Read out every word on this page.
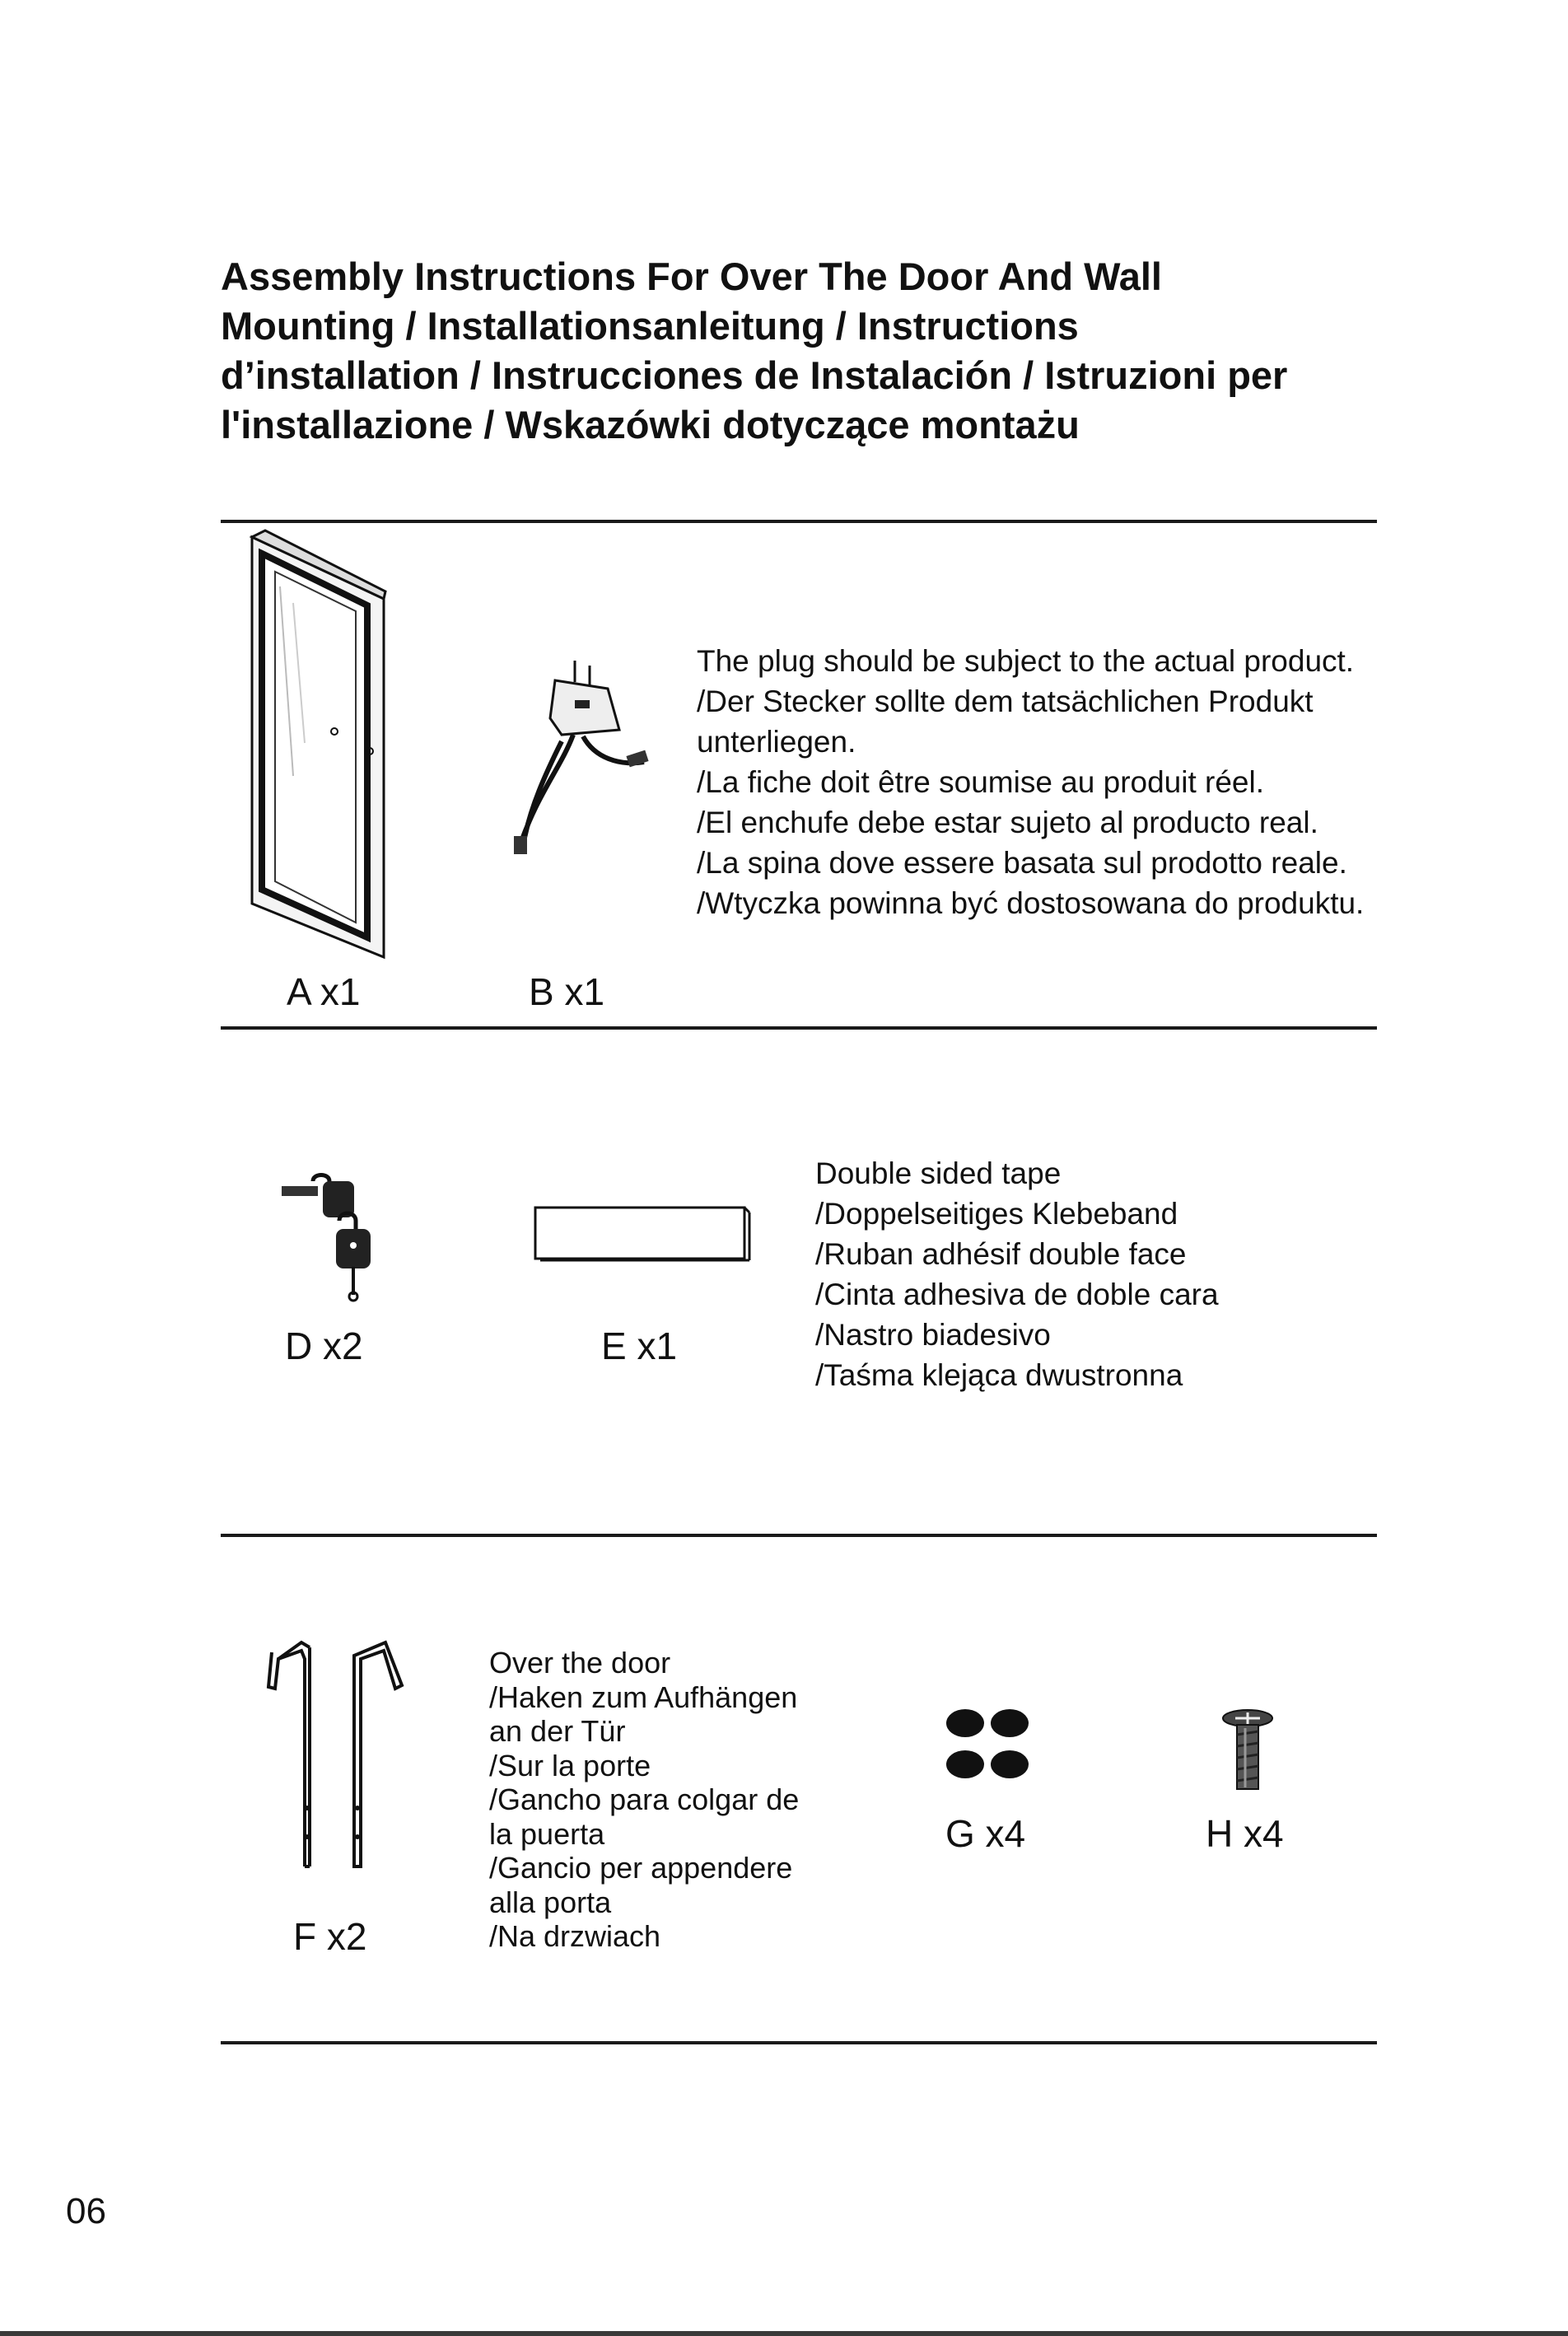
Assembly Instructions For Over The Door And Wall
Mounting / Installationsanleitung / Instructions
d’installation / Instrucciones de Instalación / Istruzioni per
l'installazione / Wskazówki dotyczące montażu
A x1	B x1
The plug should be subject to the actual product.
/Der Stecker sollte dem tatsächlichen Produkt
unterliegen.
/La fiche doit être soumise au produit réel.
/El enchufe debe estar sujeto al producto real.
/La spina dove essere basata sul prodotto reale.
/Wtyczka powinna być dostosowana do produktu.
D x2	E x1
Double sided tape
/Doppelseitiges Klebeband
/Ruban adhésif double face
/Cinta adhesiva de doble cara
/Nastro biadesivo
/Taśma klejąca dwustronna
F x2
Over the door
/Haken zum Aufhängen
an der Tür
/Sur la porte
/Gancho para colgar de
la puerta
/Gancio per appendere
alla porta
/Na drzwiach
G x4	H x4
06
